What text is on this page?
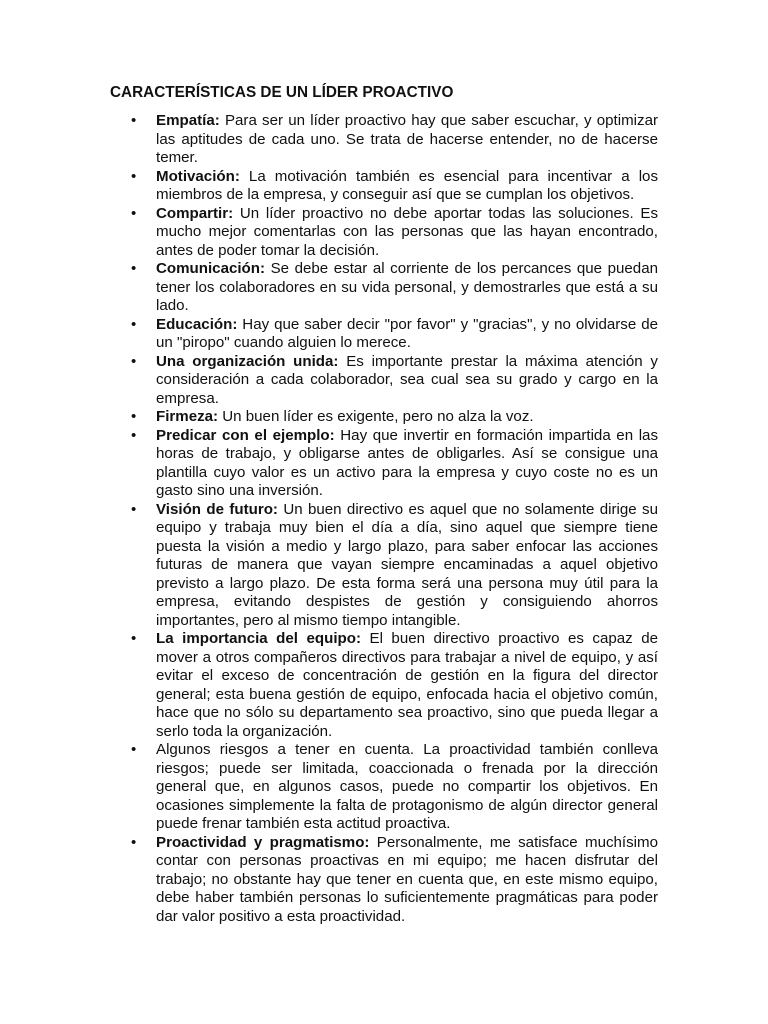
CARACTERÍSTICAS DE UN LÍDER PROACTIVO
• Empatía: Para ser un líder proactivo hay que saber escuchar, y optimizar las aptitudes de cada uno. Se trata de hacerse entender, no de hacerse temer.
• Motivación: La motivación también es esencial para incentivar a los miembros de la empresa, y conseguir así que se cumplan los objetivos.
• Compartir: Un líder proactivo no debe aportar todas las soluciones. Es mucho mejor comentarlas con las personas que las hayan encontrado, antes de poder tomar la decisión.
• Comunicación: Se debe estar al corriente de los percances que puedan tener los colaboradores en su vida personal, y demostrarles que está a su lado.
• Educación: Hay que saber decir "por favor" y "gracias", y no olvidarse de un "piropo" cuando alguien lo merece.
• Una organización unida: Es importante prestar la máxima atención y consideración a cada colaborador, sea cual sea su grado y cargo en la empresa.
• Firmeza: Un buen líder es exigente, pero no alza la voz.
• Predicar con el ejemplo: Hay que invertir en formación impartida en las horas de trabajo, y obligarse antes de obligarles. Así se consigue una plantilla cuyo valor es un activo para la empresa y cuyo coste no es un gasto sino una inversión.
• Visión de futuro: Un buen directivo es aquel que no solamente dirige su equipo y trabaja muy bien el día a día, sino aquel que siempre tiene puesta la visión a medio y largo plazo, para saber enfocar las acciones futuras de manera que vayan siempre encaminadas a aquel objetivo previsto a largo plazo. De esta forma será una persona muy útil para la empresa, evitando despistes de gestión y consiguiendo ahorros importantes, pero al mismo tiempo intangible.
• La importancia del equipo: El buen directivo proactivo es capaz de mover a otros compañeros directivos para trabajar a nivel de equipo, y así evitar el exceso de concentración de gestión en la figura del director general; esta buena gestión de equipo, enfocada hacia el objetivo común, hace que no sólo su departamento sea proactivo, sino que pueda llegar a serlo toda la organización.
• Algunos riesgos a tener en cuenta. La proactividad también conlleva riesgos; puede ser limitada, coaccionada o frenada por la dirección general que, en algunos casos, puede no compartir los objetivos. En ocasiones simplemente la falta de protagonismo de algún director general puede frenar también esta actitud proactiva.
• Proactividad y pragmatismo: Personalmente, me satisface muchísimo contar con personas proactivas en mi equipo; me hacen disfrutar del trabajo; no obstante hay que tener en cuenta que, en este mismo equipo, debe haber también personas lo suficientemente pragmáticas para poder dar valor positivo a esta proactividad.
